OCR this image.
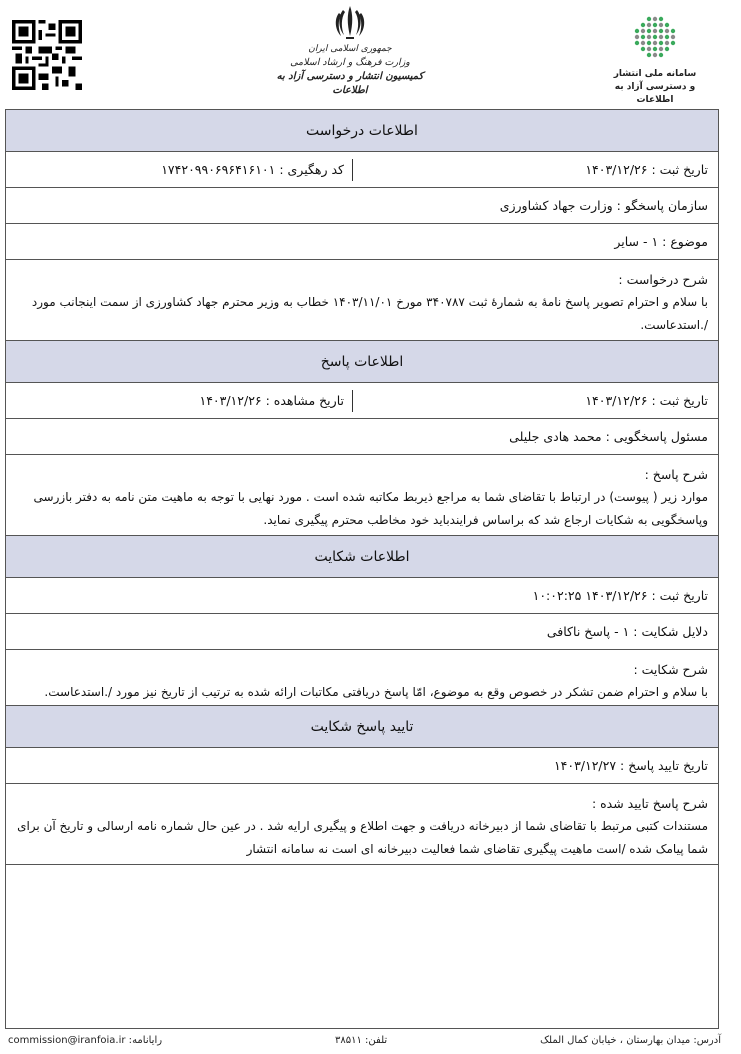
جمهوری اسلامی ایران
وزارت فرهنگ و ارشاد اسلامی
کمیسیون انتشار و دسترسی آزاد به اطلاعات
سامانه ملی انتشار
و دسترسی آزاد به اطلاعات
اطلاعات درخواست
تاریخ ثبت : ۱۴۰۳/۱۲/۲۶
کد رهگیری : ۱۷۴۲۰۹۹۰۶۹۶۴۱۶۱۰۱
سازمان پاسخگو : وزارت جهاد کشاورزی
موضوع : ۱ - سایر
شرح درخواست :
با سلام و احترام تصویر پاسخ نامهٔ به شمارهٔ ثبت ۳۴۰۷۸۷ مورخ ۱۴۰۳/۱۱/۰۱ خطاب به وزیر محترم جهاد کشاورزی از سمت اینجانب مورد /.استدعاست.
اطلاعات پاسخ
تاریخ ثبت : ۱۴۰۳/۱۲/۲۶
تاریخ مشاهده : ۱۴۰۳/۱۲/۲۶
مسئول پاسخگویی : محمد هادی جلیلی
شرح پاسخ :
موارد زیر ( پیوست) در ارتباط با تقاضای شما به مراجع ذیربط مکاتبه شده است . مورد نهایی با توجه به ماهیت متن نامه به دفتر بازرسی وپاسخگویی به شکایات ارجاع شد که براساس فرایندباید خود مخاطب محترم پیگیری نماید.
اطلاعات شکایت
تاریخ ثبت : ۱۴۰۳/۱۲/۲۶ ۱۰:۰۲:۲۵
دلایل شکایت : ۱ - پاسخ ناکافی
شرح شکایت :
با سلام و احترام ضمن تشکر در خصوص وقع به موضوع، امّا پاسخ دریافتی مکاتبات ارائه شده به ترتیب از تاریخ نیز مورد /.استدعاست.
تایید پاسخ شکایت
تاریخ تایید پاسخ : ۱۴۰۳/۱۲/۲۷
شرح پاسخ تایید شده :
مستندات کتبی مرتبط با تقاضای شما از دبیرخانه دریافت و جهت اطلاع و پیگیری ارایه شد . در عین حال شماره نامه ارسالی و تاریخ آن برای شما پیامک شده /است ماهیت پیگیری تقاضای شما فعالیت دبیرخانه ای است نه سامانه انتشار
آدرس: میدان بهارستان ، خیابان کمال الملک
تلفن: ۳۸۵۱۱
commission@iranfoia.ir :رایانامه
